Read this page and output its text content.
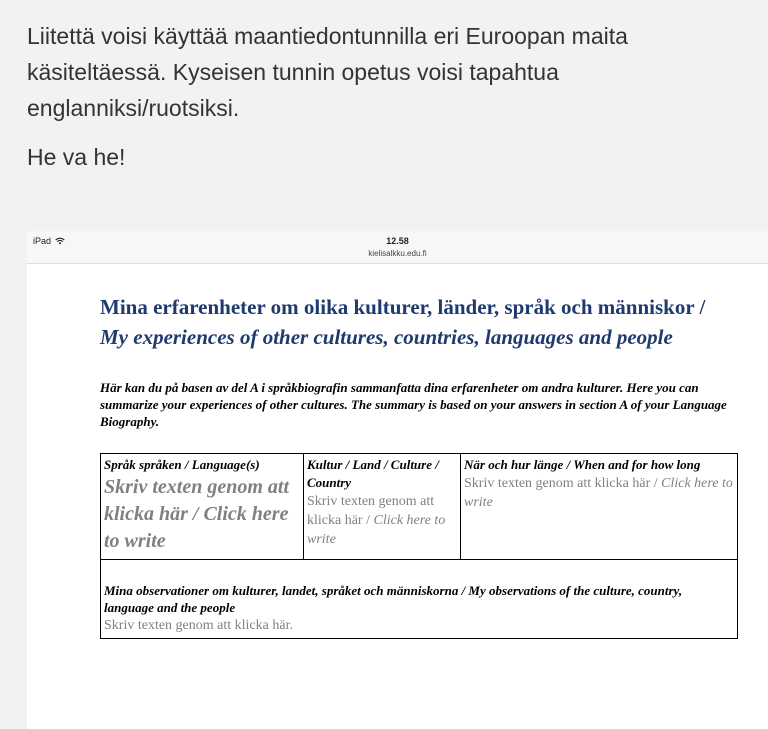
Liitettä voisi käyttää maantiedontunnilla eri Euroopan maita käsiteltäessä. Kyseisen tunnin opetus voisi tapahtua englanniksi/ruotsiksi.

He va he!

iPad	12.58
kielisalkku.edu.fi

Mina erfarenheter om olika kulturer, länder, språk och människor /

My experiences of other cultures, countries, languages and people

Här kan du på basen av del A i språkbiografin sammanfatta dina erfarenheter om andra kulturer. Here you can summarize your experiences of other cultures. The summary is based on your answers in section A of your Language Biography.

Språk språken / Language(s)
Skriv texten genom att klicka här / Click here to write

Kultur / Land / Culture / Country
Skriv texten genom att klicka här / Click here to write

När och hur länge / When and for how long
Skriv texten genom att klicka här / Click here to write

Mina observationer om kulturer, landet, språket och människorna / My observations of the culture, country, language and the people
Skriv texten genom att klicka här.
